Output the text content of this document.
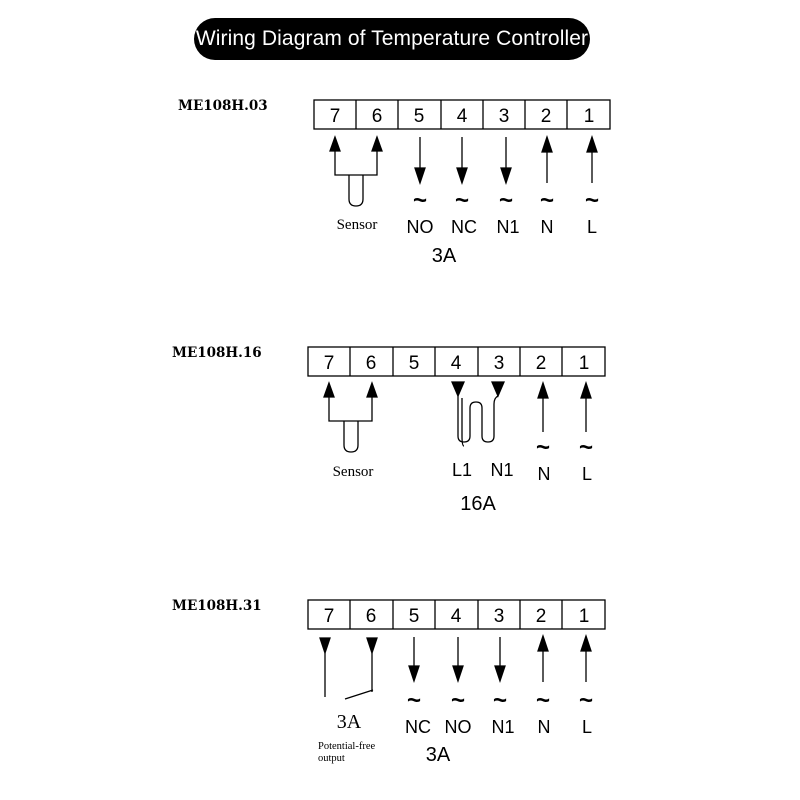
Wiring Diagram of Temperature Controller
ME108H.03	7 6 5 4 3 2 1
Sensor
~ ~ ~ ~ ~
NO NC N1 N L
3A
ME108H.16	7 6 5 4 3 2 1
Sensor
~ ~
L1 N1 N L
16A
ME108H.31	7 6 5 4 3 2 1
3A
Potential-free
output
~ ~ ~ ~ ~
NC NO N1 N L
3A
